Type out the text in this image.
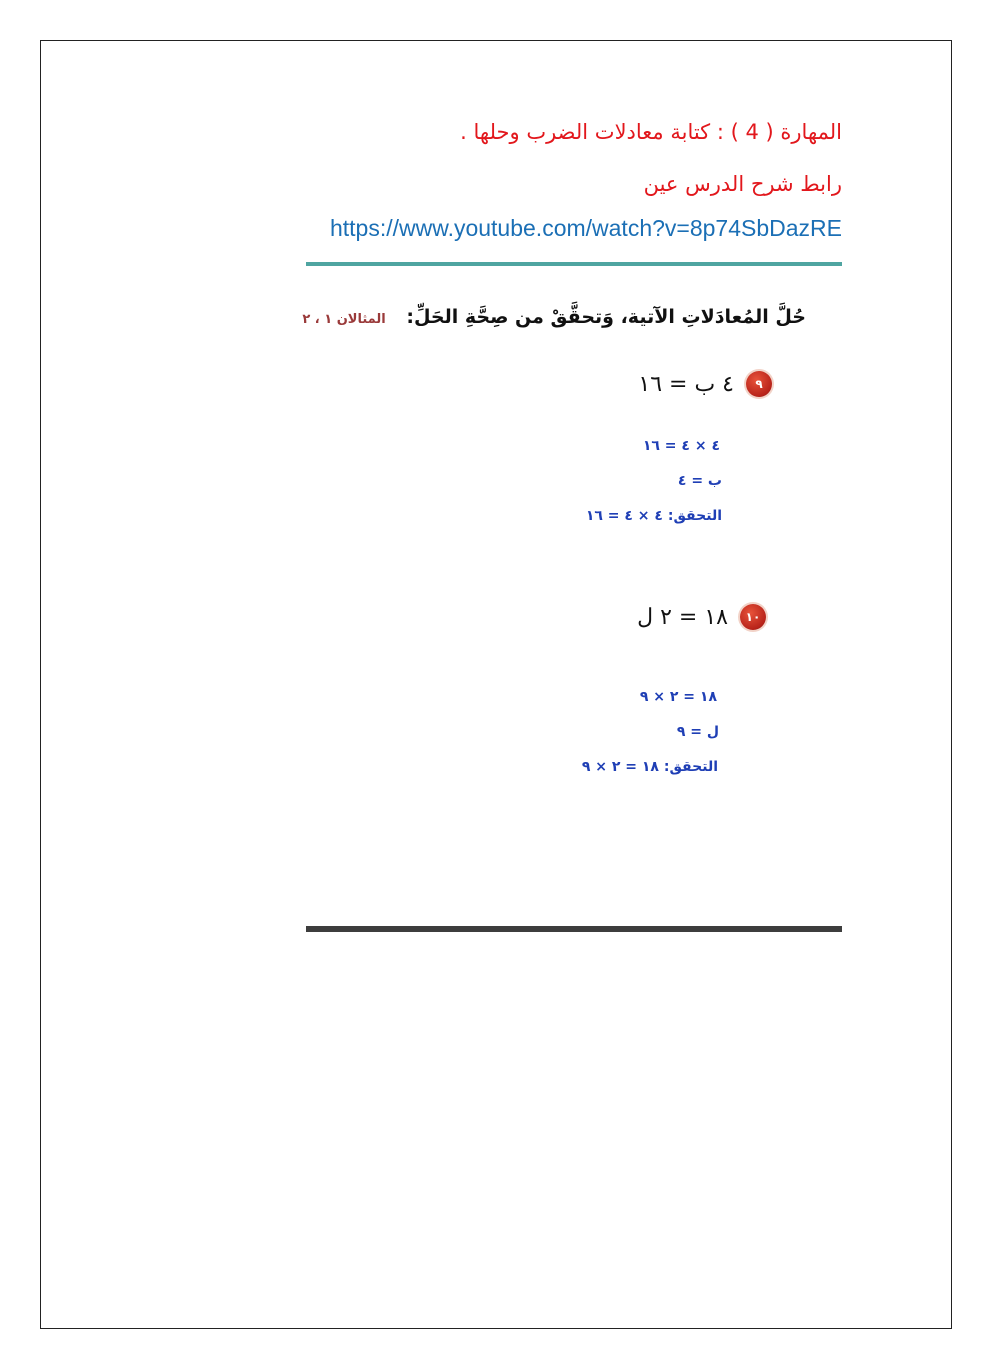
المهارة ( 4 ) : كتابة معادلات الضرب وحلها .
رابط شرح الدرس عين
https://www.youtube.com/watch?v=8p74SbDazRE
حُلَّ المُعادَلاتِ الآتية، وَتحقَّقْ من صِحَّةِ الحَلِّ: المثالان ١ ، ٢
٩
٤ ب = ١٦
٤ × ٤ = ١٦
ب = ٤
التحقق: ٤ × ٤ = ١٦
١٠
١٨ = ٢ ل
١٨ = ٢ × ٩
ل = ٩
التحقق: ١٨ = ٢ × ٩
